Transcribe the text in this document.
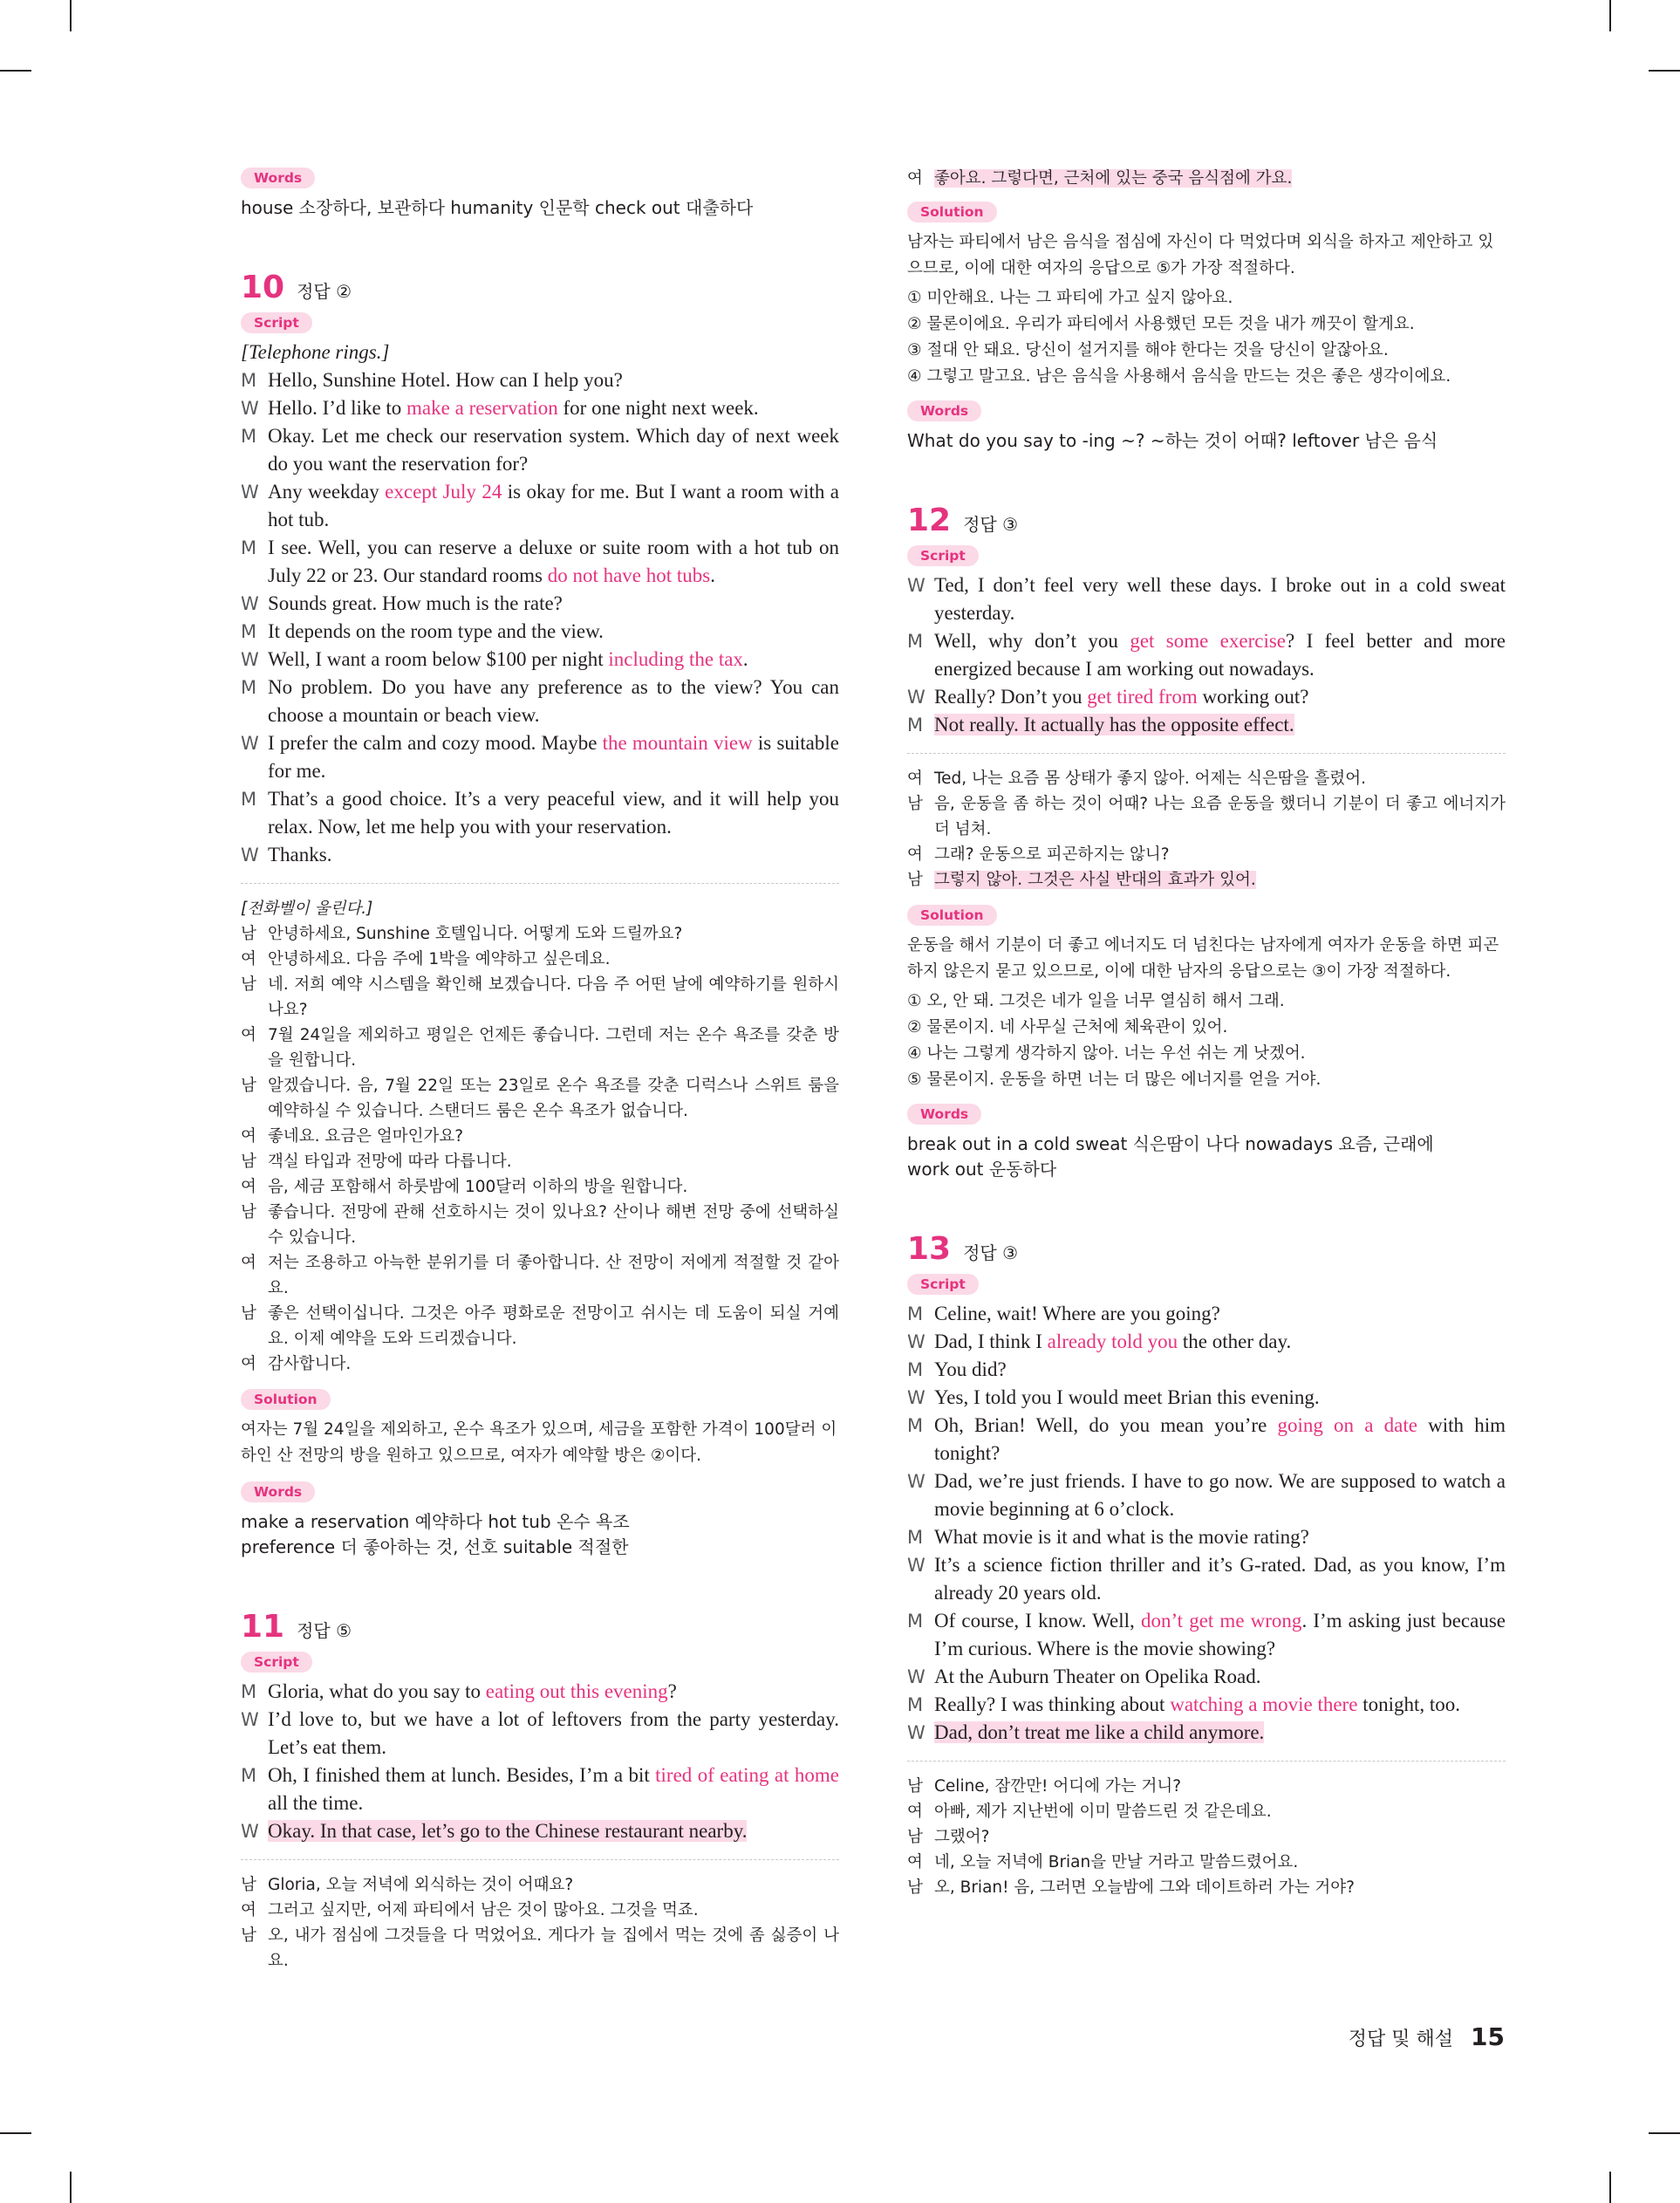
Words
house 소장하다, 보관하다 humanity 인문학 check out 대출하다
10 정답 ②
Script
[Telephone rings.]
M Hello, Sunshine Hotel. How can I help you?
W Hello. I’d like to make a reservation for one night next week.
M Okay. Let me check our reservation system. Which day of next week do you want the reservation for?
W Any weekday except July 24 is okay for me. But I want a room with a hot tub.
M I see. Well, you can reserve a deluxe or suite room with a hot tub on July 22 or 23. Our standard rooms do not have hot tubs.
W Sounds great. How much is the rate?
M It depends on the room type and the view.
W Well, I want a room below $100 per night including the tax.
M No problem. Do you have any preference as to the view? You can choose a mountain or beach view.
W I prefer the calm and cozy mood. Maybe the mountain view is suitable for me.
M That’s a good choice. It’s a very peaceful view, and it will help you relax. Now, let me help you with your reservation.
W Thanks.
[전화벨이 울린다.]
남 안녕하세요, Sunshine 호텔입니다. 어떻게 도와 드릴까요?
여 안녕하세요. 다음 주에 1박을 예약하고 싶은데요.
남 네. 저희 예약 시스템을 확인해 보겠습니다. 다음 주 어떤 날에 예약하기를 원하시나요?
여 7월 24일을 제외하고 평일은 언제든 좋습니다. 그런데 저는 온수 욕조를 갖춘 방을 원합니다.
남 알겠습니다. 음, 7월 22일 또는 23일로 온수 욕조를 갖춘 디럭스나 스위트 룸을 예약하실 수 있습니다. 스탠더드 룸은 온수 욕조가 없습니다.
여 좋네요. 요금은 얼마인가요?
남 객실 타입과 전망에 따라 다릅니다.
여 음, 세금 포함해서 하룻밤에 100달러 이하의 방을 원합니다.
남 좋습니다. 전망에 관해 선호하시는 것이 있나요? 산이나 해변 전망 중에 선택하실 수 있습니다.
여 저는 조용하고 아늑한 분위기를 더 좋아합니다. 산 전망이 저에게 적절할 것 같아요.
남 좋은 선택이십니다. 그것은 아주 평화로운 전망이고 쉬시는 데 도움이 되실 거예요. 이제 예약을 도와 드리겠습니다.
여 감사합니다.
Solution
여자는 7월 24일을 제외하고, 온수 욕조가 있으며, 세금을 포함한 가격이 100달러 이하인 산 전망의 방을 원하고 있으므로, 여자가 예약할 방은 ②이다.
Words
make a reservation 예약하다 hot tub 온수 욕조
preference 더 좋아하는 것, 선호 suitable 적절한
11 정답 ⑤
Script
M Gloria, what do you say to eating out this evening?
W I’d love to, but we have a lot of leftovers from the party yesterday. Let’s eat them.
M Oh, I finished them at lunch. Besides, I’m a bit tired of eating at home all the time.
W Okay. In that case, let’s go to the Chinese restaurant nearby.
남 Gloria, 오늘 저녁에 외식하는 것이 어때요?
여 그러고 싶지만, 어제 파티에서 남은 것이 많아요. 그것을 먹죠.
남 오, 내가 점심에 그것들을 다 먹었어요. 게다가 늘 집에서 먹는 것에 좀 싫증이 나요.
여 좋아요. 그렇다면, 근처에 있는 중국 음식점에 가요.
Solution
남자는 파티에서 남은 음식을 점심에 자신이 다 먹었다며 외식을 하자고 제안하고 있으므로, 이에 대한 여자의 응답으로 ⑤가 가장 적절하다.
① 미안해요. 나는 그 파티에 가고 싶지 않아요.
② 물론이에요. 우리가 파티에서 사용했던 모든 것을 내가 깨끗이 할게요.
③ 절대 안 돼요. 당신이 설거지를 해야 한다는 것을 당신이 알잖아요.
④ 그렇고 말고요. 남은 음식을 사용해서 음식을 만드는 것은 좋은 생각이에요.
Words
What do you say to -ing ~? ~하는 것이 어때? leftover 남은 음식
12 정답 ③
Script
W Ted, I don’t feel very well these days. I broke out in a cold sweat yesterday.
M Well, why don’t you get some exercise? I feel better and more energized because I am working out nowadays.
W Really? Don’t you get tired from working out?
M Not really. It actually has the opposite effect.
여 Ted, 나는 요즘 몸 상태가 좋지 않아. 어제는 식은땀을 흘렸어.
남 음, 운동을 좀 하는 것이 어때? 나는 요즘 운동을 했더니 기분이 더 좋고 에너지가 더 넘쳐.
여 그래? 운동으로 피곤하지는 않니?
남 그렇지 않아. 그것은 사실 반대의 효과가 있어.
Solution
운동을 해서 기분이 더 좋고 에너지도 더 넘친다는 남자에게 여자가 운동을 하면 피곤하지 않은지 묻고 있으므로, 이에 대한 남자의 응답으로는 ③이 가장 적절하다.
① 오, 안 돼. 그것은 네가 일을 너무 열심히 해서 그래.
② 물론이지. 네 사무실 근처에 체육관이 있어.
④ 나는 그렇게 생각하지 않아. 너는 우선 쉬는 게 낫겠어.
⑤ 물론이지. 운동을 하면 너는 더 많은 에너지를 얻을 거야.
Words
break out in a cold sweat 식은땀이 나다 nowadays 요즘, 근래에
work out 운동하다
13 정답 ③
Script
M Celine, wait! Where are you going?
W Dad, I think I already told you the other day.
M You did?
W Yes, I told you I would meet Brian this evening.
M Oh, Brian! Well, do you mean you’re going on a date with him tonight?
W Dad, we’re just friends. I have to go now. We are supposed to watch a movie beginning at 6 o’clock.
M What movie is it and what is the movie rating?
W It’s a science fiction thriller and it’s G-rated. Dad, as you know, I’m already 20 years old.
M Of course, I know. Well, don’t get me wrong. I’m asking just because I’m curious. Where is the movie showing?
W At the Auburn Theater on Opelika Road.
M Really? I was thinking about watching a movie there tonight, too.
W Dad, don’t treat me like a child anymore.
남 Celine, 잠깐만! 어디에 가는 거니?
여 아빠, 제가 지난번에 이미 말씀드린 것 같은데요.
남 그랬어?
여 네, 오늘 저녁에 Brian을 만날 거라고 말씀드렸어요.
남 오, Brian! 음, 그러면 오늘밤에 그와 데이트하러 가는 거야?
정답 및 해설 15
